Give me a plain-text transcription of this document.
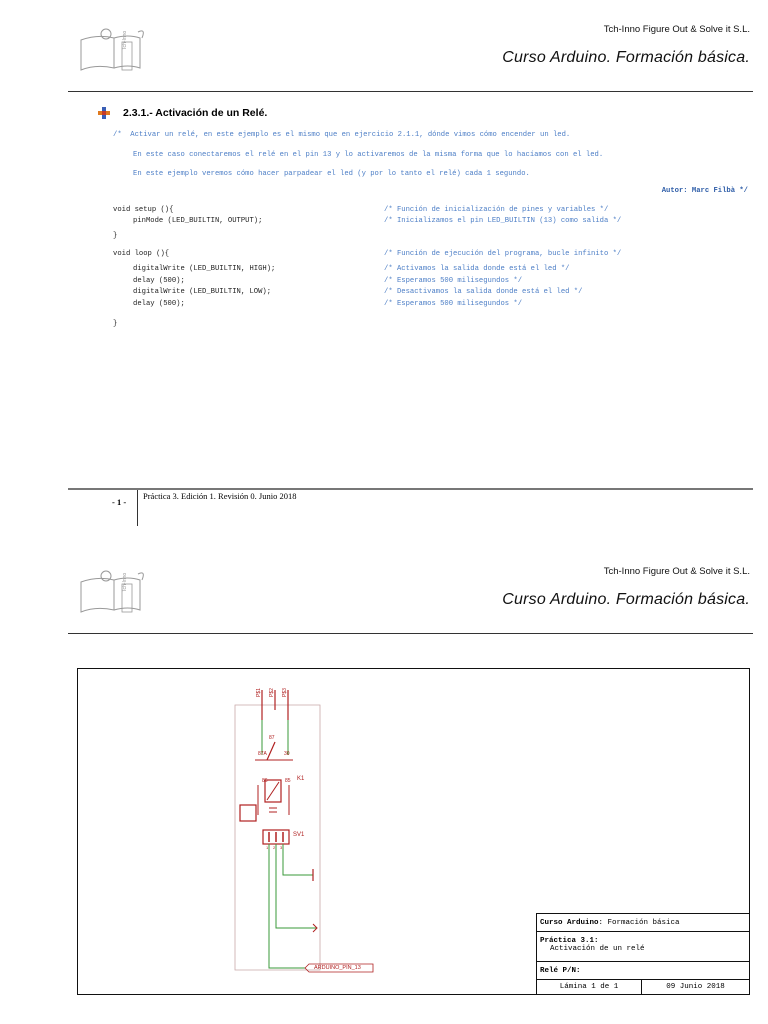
Tch-Inno
Tch-Inno Figure Out & Solve it S.L.
Curso Arduino. Formación básica.
2.3.1.- Activación de un Relé.
/*  Activar un relé, en este ejemplo es el mismo que en ejercicio 2.1.1, dónde vimos cómo encender un led.
En este caso conectaremos el relé en el pin 13 y lo activaremos de la misma forma que lo hacíamos con el led.
En este ejemplo veremos cómo hacer parpadear el led (y por lo tanto el relé) cada 1 segundo.
Autor: Marc Filbà */
void setup (){	/* Función de inicialización de pines y variables */
pinMode (LED_BUILTIN, OUTPUT);	/* Inicializamos el pin LED_BUILTIN (13) como salida */
}
void loop (){	/* Función de ejecución del programa, bucle infinito */
digitalWrite (LED_BUILTIN, HIGH);	/* Activamos la salida donde está el led */
delay (500);	/* Esperamos 500 milisegundos */
digitalWrite (LED_BUILTIN, LOW);	/* Desactivamos la salida donde está el led */
delay (500);	/* Esperamos 500 milisegundos */
}
- 1 -
Práctica 3. Edición 1. Revisión 0. Junio 2018
Tch-Inno
Tch-Inno Figure Out & Solve it S.L.
Curso Arduino. Formación básica.
P$1 P$2 P$3
87
87A	30
86	85 K1
SV1
1 2 3
ARDUINO_PIN_13
Curso Arduino: Formación básica
Práctica 3.1:
Activación de un relé
Relé P/N:
Lámina 1 de 1	09 Junio 2018
